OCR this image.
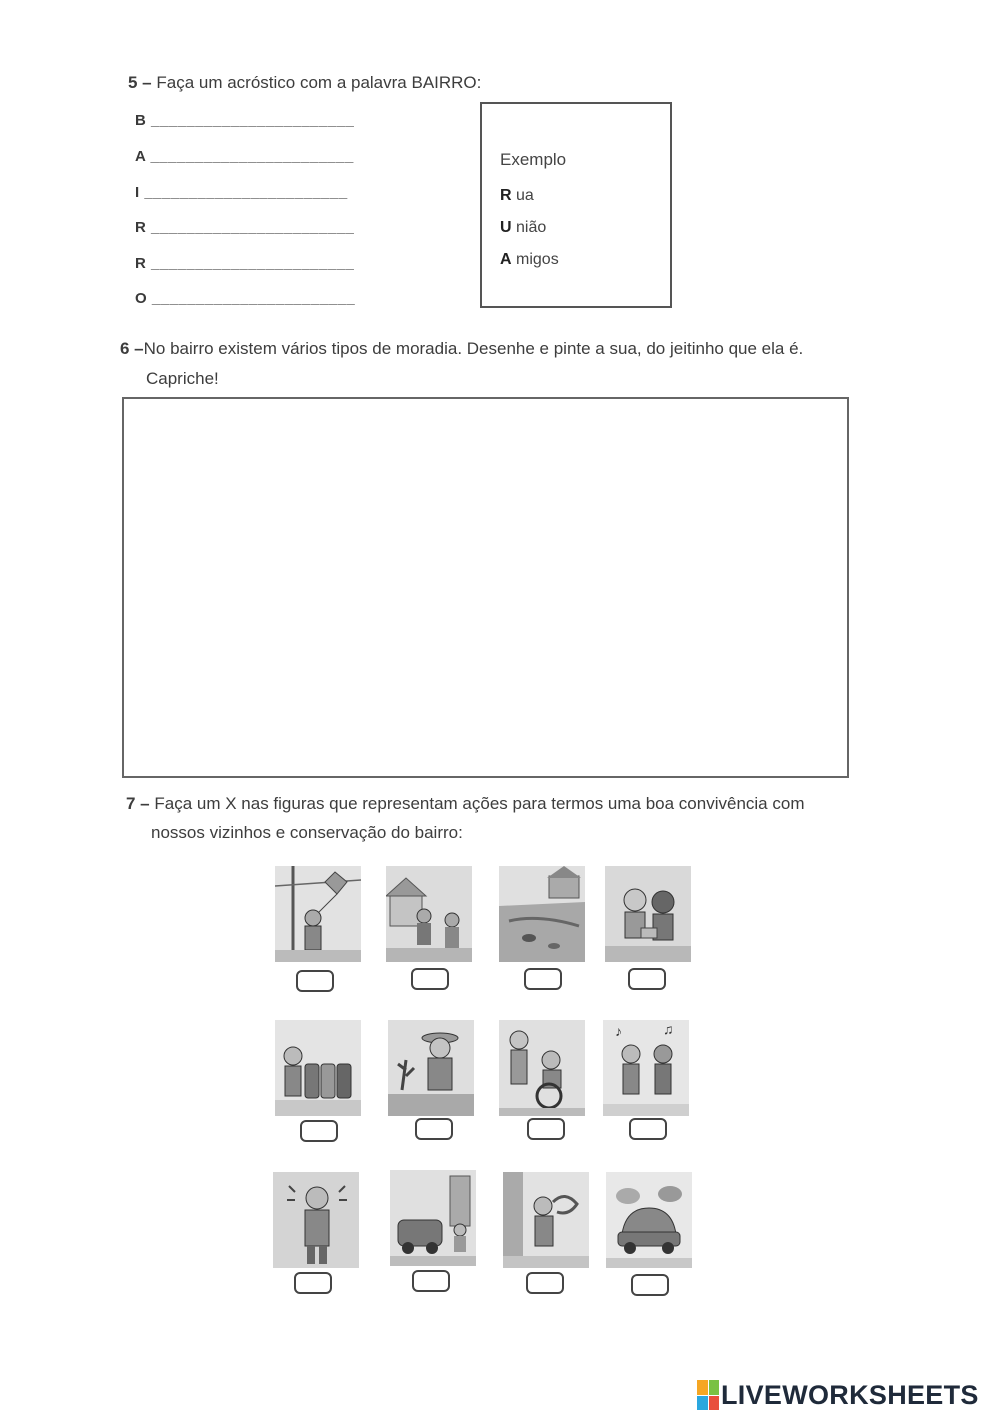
5 – Faça um acróstico com a palavra BAIRRO:
B _______________________
A _______________________
I _______________________
R _______________________
R _______________________
O _______________________
Exemplo
R ua
U nião
A migos
6 –No bairro existem vários tipos de moradia. Desenhe e pinte a sua, do jeitinho que ela é.
Capriche!
7 – Faça um X nas figuras que representam ações para termos uma boa convivência com
nossos vizinhos e conservação do bairro:
♪	♫
LIVEWORKSHEETS
